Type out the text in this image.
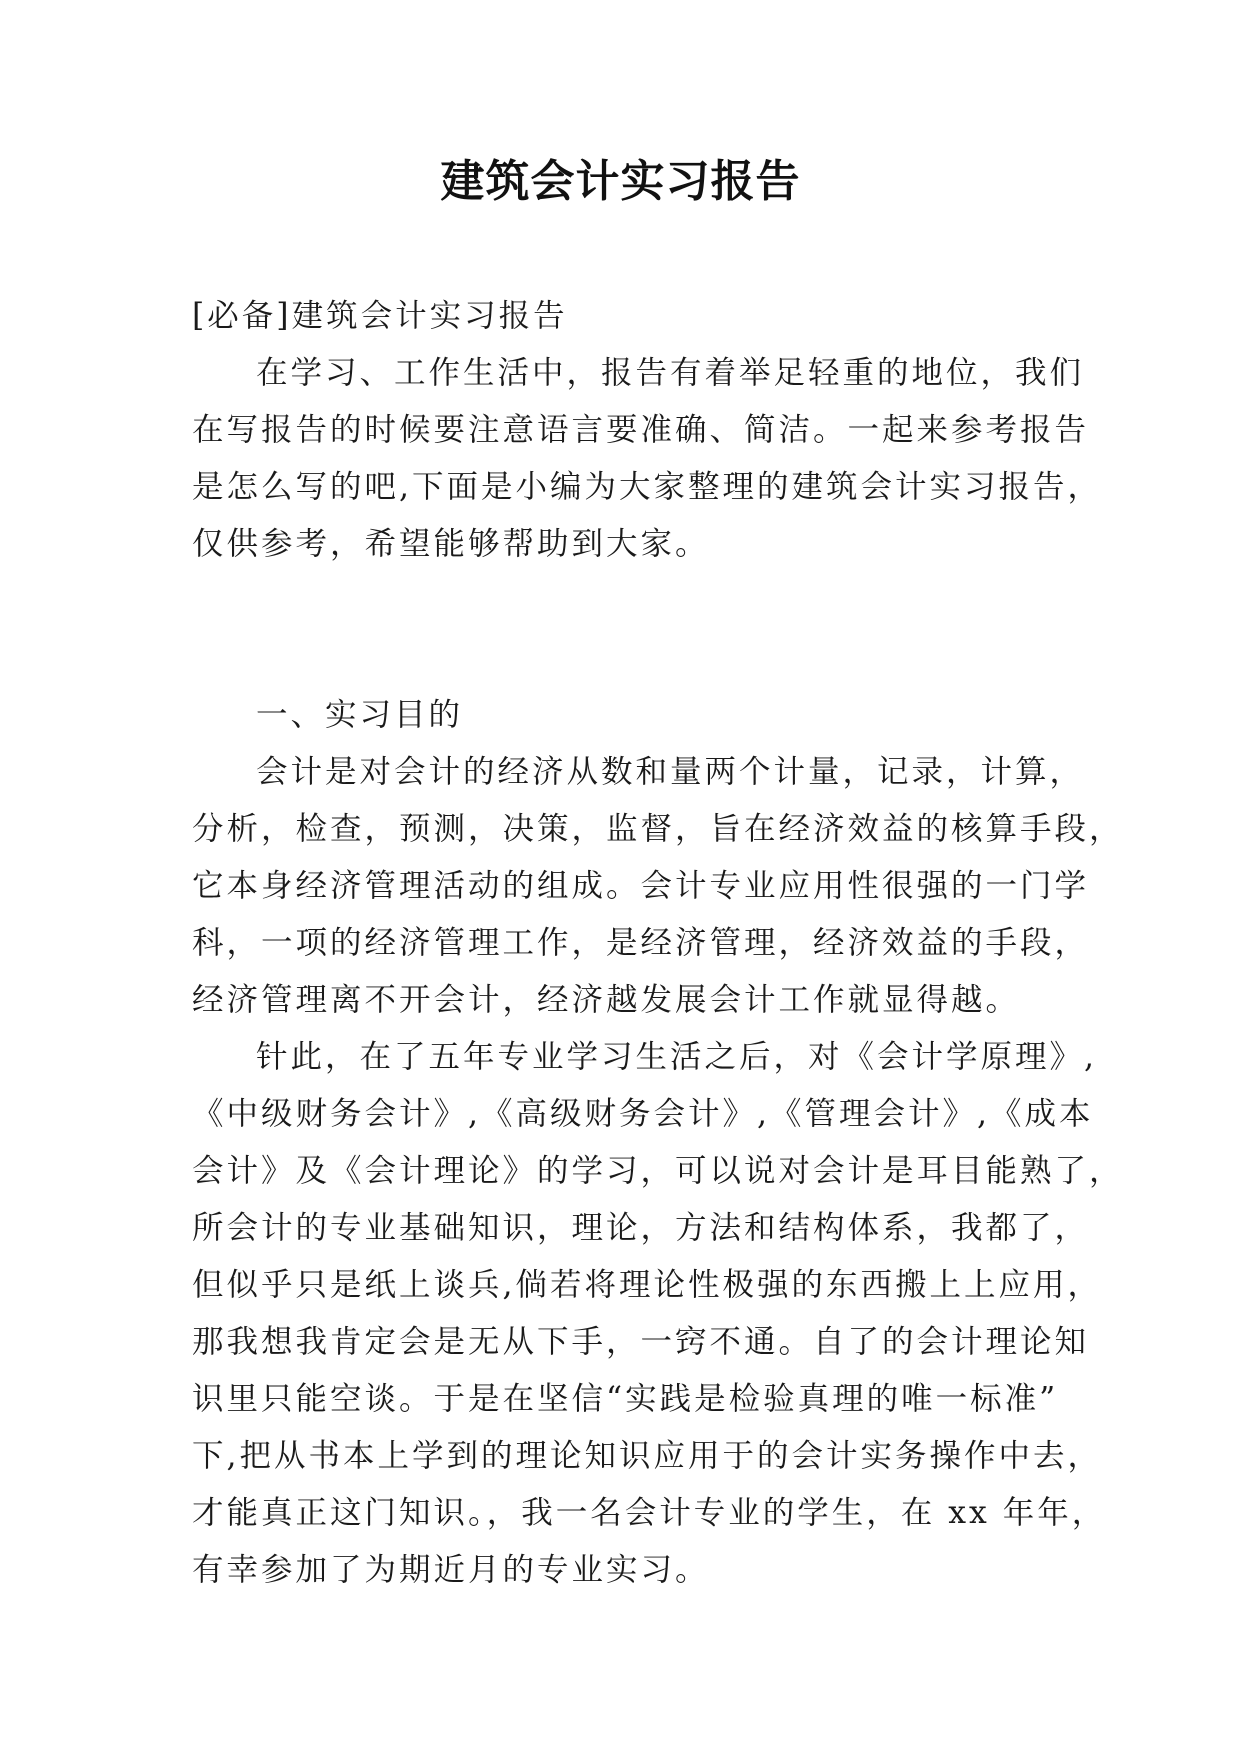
建筑会计实习报告
[必备]建筑会计实习报告
在学习、工作生活中，报告有着举足轻重的地位，我们
在写报告的时候要注意语言要准确、简洁。一起来参考报告
是怎么写的吧,下面是小编为大家整理的建筑会计实习报告，
仅供参考，希望能够帮助到大家。
一、实习目的
会计是对会计的经济从数和量两个计量，记录，计算，
分析，检查，预测，决策，监督，旨在经济效益的核算手段，
它本身经济管理活动的组成。会计专业应用性很强的一门学
科，一项的经济管理工作，是经济管理，经济效益的手段，
经济管理离不开会计，经济越发展会计工作就显得越。
针此，在了五年专业学习生活之后，对《会计学原理》,
《中级财务会计》,《高级财务会计》,《管理会计》,《成本
会计》及《会计理论》的学习，可以说对会计是耳目能熟了，
所会计的专业基础知识，理论，方法和结构体系，我都了，
但似乎只是纸上谈兵,倘若将理论性极强的东西搬上上应用，
那我想我肯定会是无从下手，一窍不通。自了的会计理论知
识里只能空谈。于是在坚信“实践是检验真理的唯一标准”
下,把从书本上学到的理论知识应用于的会计实务操作中去，
才能真正这门知识。，我一名会计专业的学生，在 xx 年年，
有幸参加了为期近月的专业实习。
